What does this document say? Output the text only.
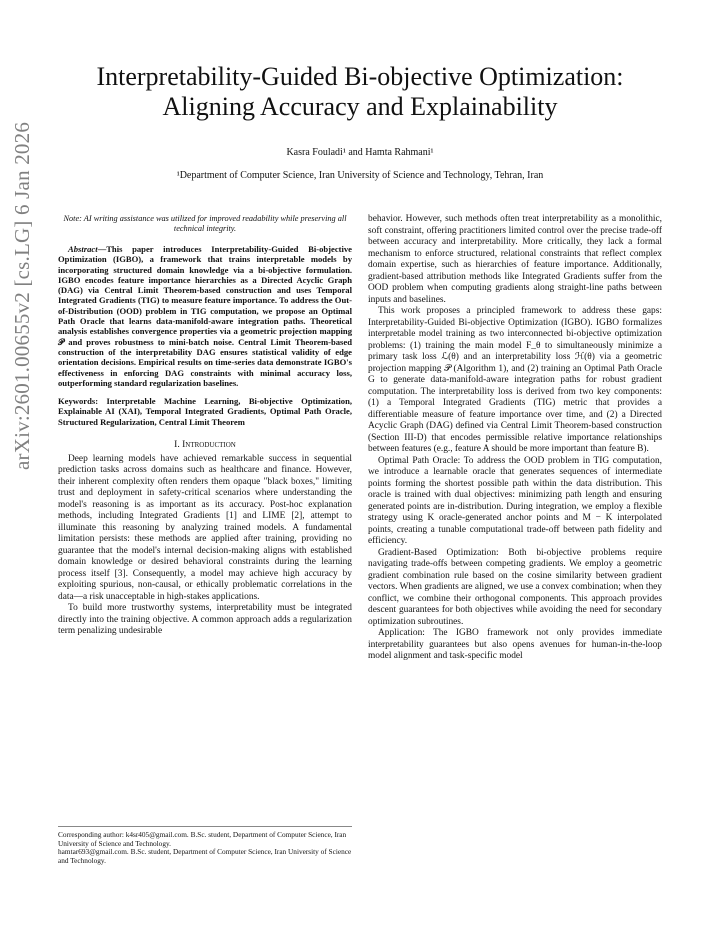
arXiv:2601.00655v2 [cs.LG] 6 Jan 2026
Interpretability-Guided Bi-objective Optimization:
Aligning Accuracy and Explainability
Kasra Fouladi¹ and Hamta Rahmani¹
¹Department of Computer Science, Iran University of Science and Technology, Tehran, Iran

Note: AI writing assistance was utilized for improved readability while preserving all technical integrity.

Abstract—This paper introduces Interpretability-Guided Bi-objective Optimization (IGBO), a framework that trains interpretable models by incorporating structured domain knowledge via a bi-objective formulation. IGBO encodes feature importance hierarchies as a Directed Acyclic Graph (DAG) via Central Limit Theorem-based construction and uses Temporal Integrated Gradients (TIG) to measure feature importance. To address the Out-of-Distribution (OOD) problem in TIG computation, we propose an Optimal Path Oracle that learns data-manifold-aware integration paths. Theoretical analysis establishes convergence properties via a geometric projection mapping 𝒫 and proves robustness to mini-batch noise. Central Limit Theorem-based construction of the interpretability DAG ensures statistical validity of edge orientation decisions. Empirical results on time-series data demonstrate IGBO's effectiveness in enforcing DAG constraints with minimal accuracy loss, outperforming standard regularization baselines.

Keywords: Interpretable Machine Learning, Bi-objective Optimization, Explainable AI (XAI), Temporal Integrated Gradients, Optimal Path Oracle, Structured Regularization, Central Limit Theorem

I. Introduction

Deep learning models have achieved remarkable success in sequential prediction tasks across domains such as healthcare and finance. However, their inherent complexity often renders them opaque "black boxes," limiting trust and deployment in safety-critical scenarios where understanding the model's reasoning is as important as its accuracy. Post-hoc explanation methods, including Integrated Gradients [1] and LIME [2], attempt to illuminate this reasoning by analyzing trained models. A fundamental limitation persists: these methods are applied after training, providing no guarantee that the model's internal decision-making aligns with established domain knowledge or desired behavioral constraints during the learning process itself [3]. Consequently, a model may achieve high accuracy by exploiting spurious, non-causal, or ethically problematic correlations in the data—a risk unacceptable in high-stakes applications.

To build more trustworthy systems, interpretability must be integrated directly into the training objective. A common approach adds a regularization term penalizing undesirable

behavior. However, such methods often treat interpretability as a monolithic, soft constraint, offering practitioners limited control over the precise trade-off between accuracy and interpretability. More critically, they lack a formal mechanism to enforce structured, relational constraints that reflect complex domain expertise, such as hierarchies of feature importance. Additionally, gradient-based attribution methods like Integrated Gradients suffer from the OOD problem when computing gradients along straight-line paths between inputs and baselines.

This work proposes a principled framework to address these gaps: Interpretability-Guided Bi-objective Optimization (IGBO). IGBO formalizes interpretable model training as two interconnected bi-objective optimization problems: (1) training the main model F_θ to simultaneously minimize a primary task loss ℒ(θ) and an interpretability loss ℋ(θ) via a geometric projection mapping 𝒫 (Algorithm 1), and (2) training an Optimal Path Oracle G to generate data-manifold-aware integration paths for robust gradient computation. The interpretability loss is derived from two key components: (1) a Temporal Integrated Gradients (TIG) metric that provides a differentiable measure of feature importance over time, and (2) a Directed Acyclic Graph (DAG) defined via Central Limit Theorem-based construction (Section III-D) that encodes permissible relative importance relationships between features (e.g., feature A should be more important than feature B).

Optimal Path Oracle: To address the OOD problem in TIG computation, we introduce a learnable oracle that generates sequences of intermediate points forming the shortest possible path within the data distribution. This oracle is trained with dual objectives: minimizing path length and ensuring generated points are in-distribution. During integration, we employ a flexible strategy using K oracle-generated anchor points and M − K interpolated points, creating a tunable computational trade-off between path fidelity and efficiency.

Gradient-Based Optimization: Both bi-objective problems require navigating trade-offs between competing gradients. We employ a geometric gradient combination rule based on the cosine similarity between gradient vectors. When gradients are aligned, we use a convex combination; when they conflict, we combine their orthogonal components. This approach provides descent guarantees for both objectives while avoiding the need for secondary optimization subroutines.

Application: The IGBO framework not only provides immediate interpretability guarantees but also opens avenues for human-in-the-loop model alignment and task-specific model

Corresponding author: k4sr405@gmail.com. B.Sc. student, Department of Computer Science, Iran University of Science and Technology.
hamtar693@gmail.com. B.Sc. student, Department of Computer Science, Iran University of Science and Technology.
